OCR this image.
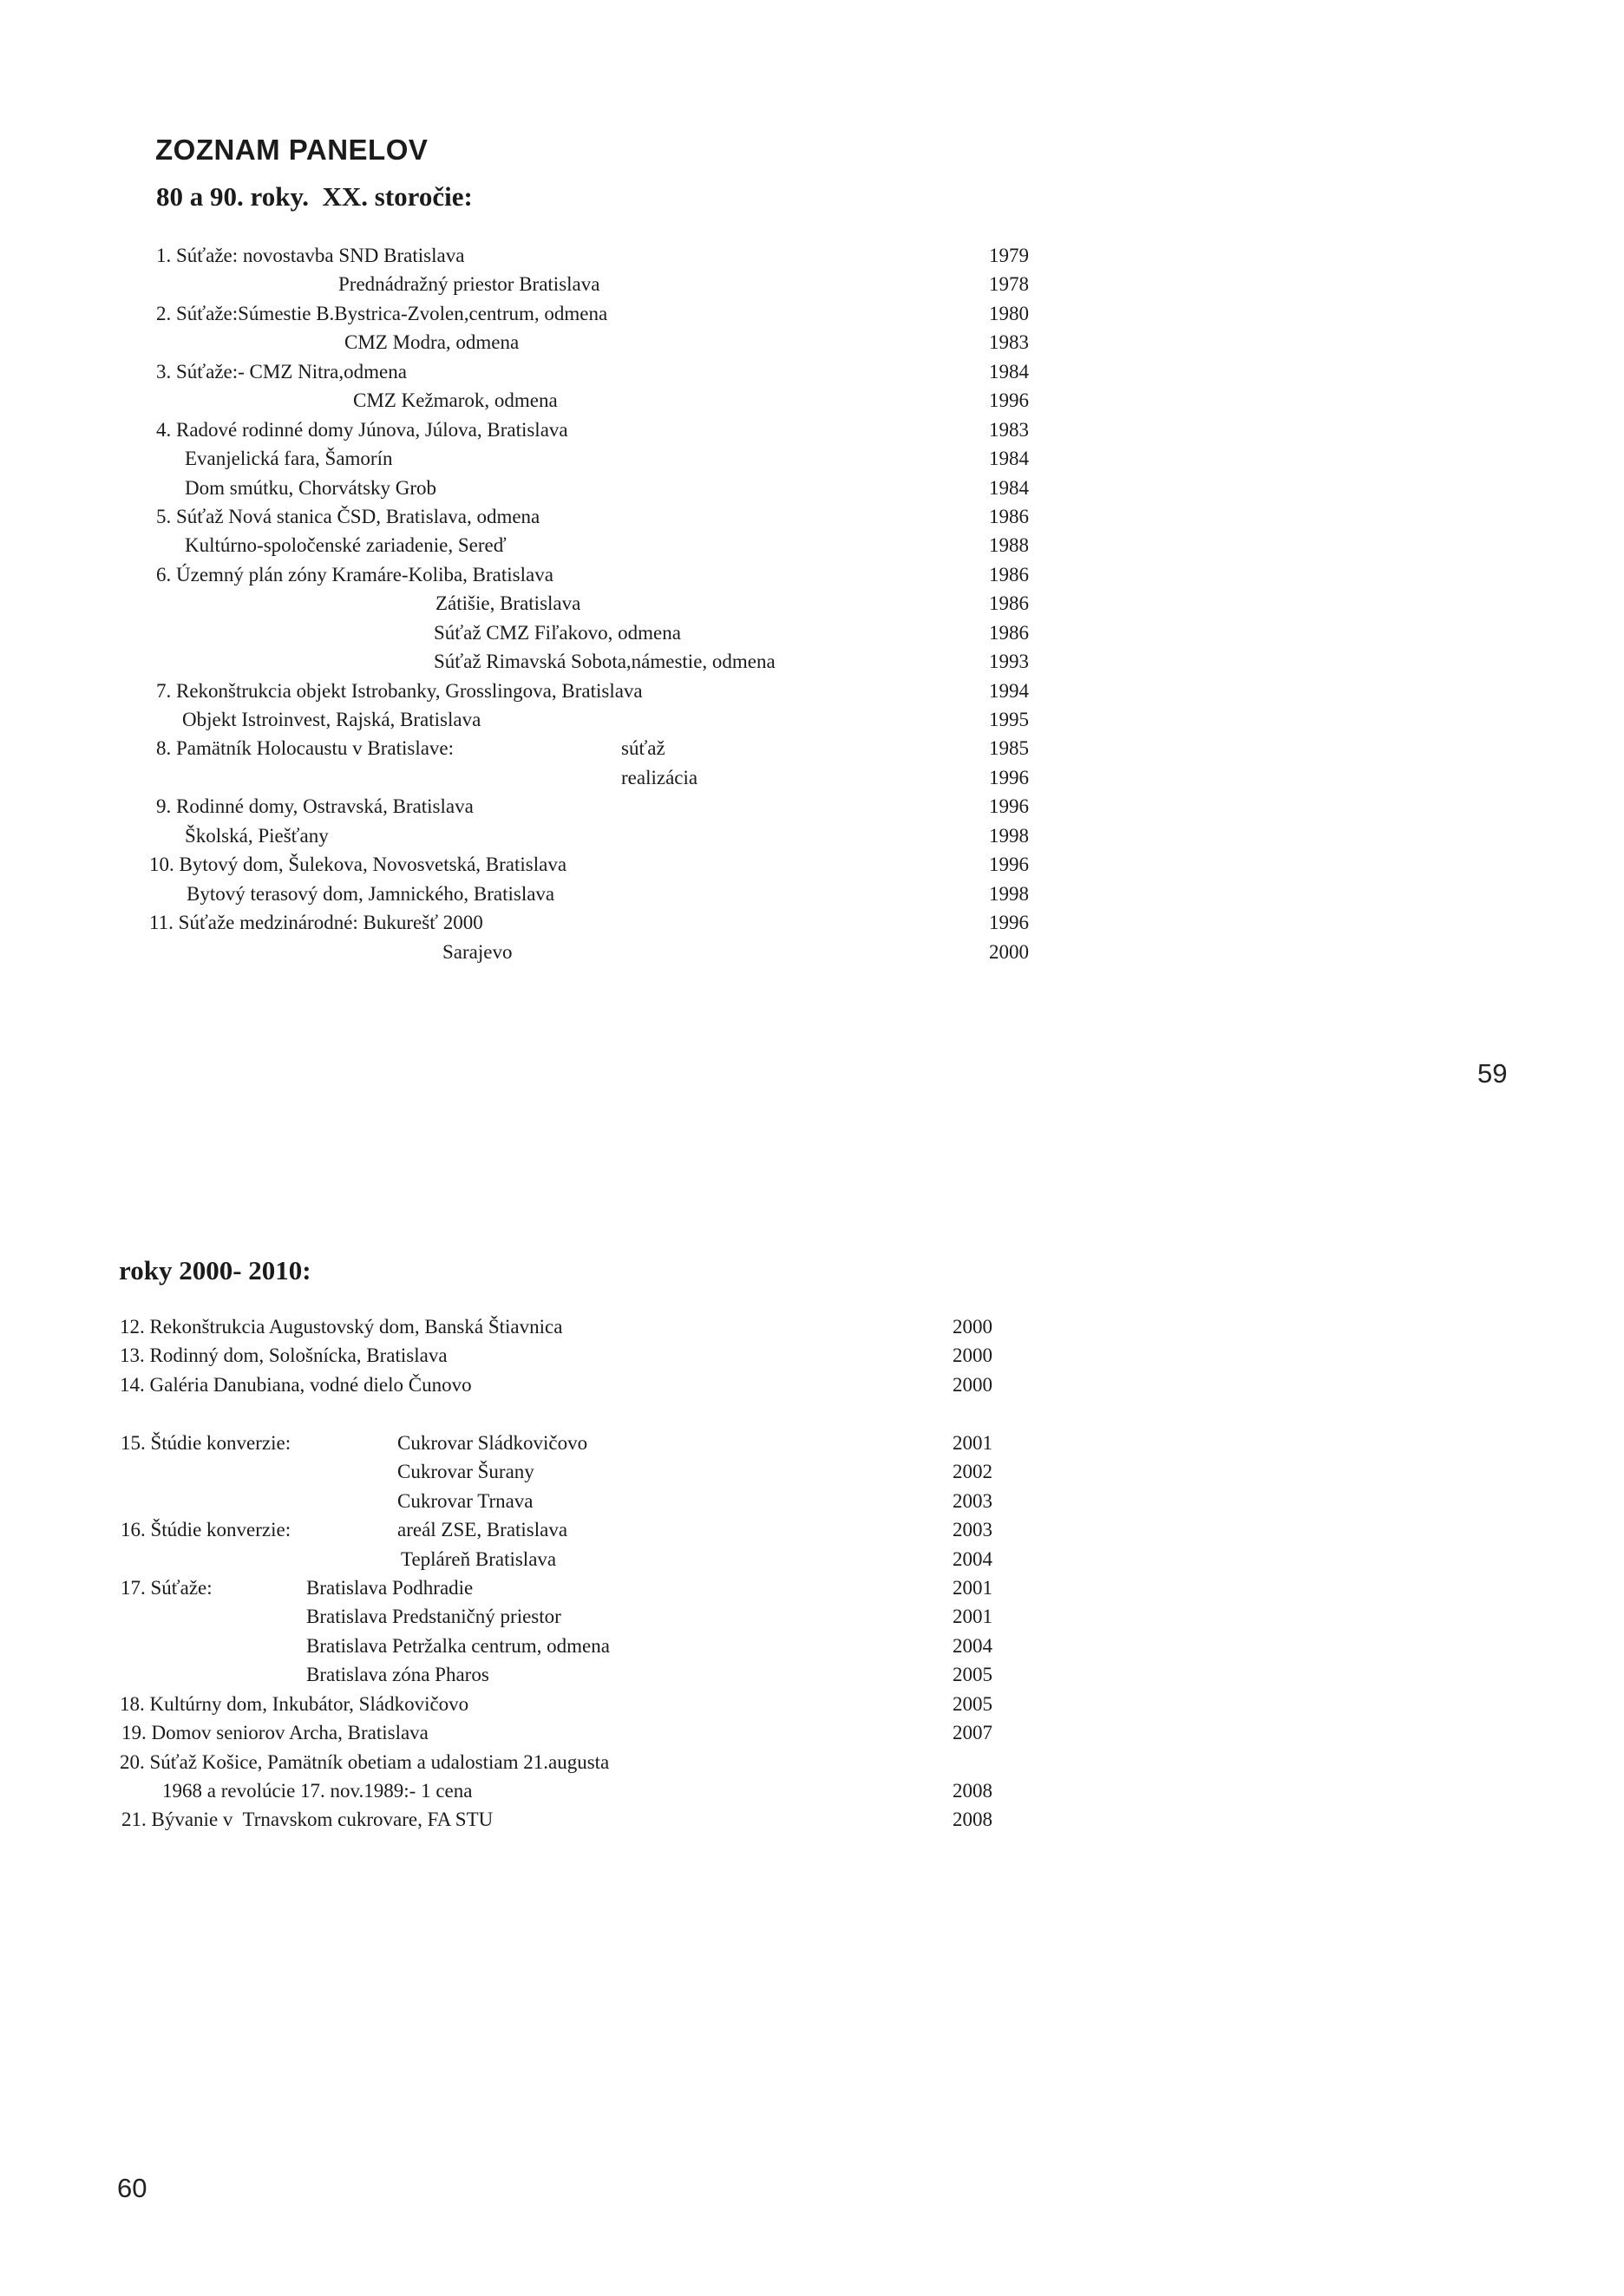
ZOZNAM PANELOV
80 a 90. roky.  XX. storočie:
1. Súťaže: novostavba SND Bratislava	1979
Prednádražný priestor Bratislava	1978
2. Súťaže:Súmestie B.Bystrica-Zvolen,centrum, odmena	1980
CMZ Modra, odmena	1983
3. Súťaže:- CMZ Nitra,odmena	1984
CMZ Kežmarok, odmena	1996
4. Radové rodinné domy Júnova, Júlova, Bratislava	1983
Evanjelická fara, Šamorín	1984
Dom smútku, Chorvátsky Grob	1984
5. Súťaž Nová stanica ČSD, Bratislava, odmena	1986
Kultúrno-spoločenské zariadenie, Sereď	1988
6. Územný plán zóny Kramáre-Koliba, Bratislava	1986
Zátišie, Bratislava	1986
Súťaž CMZ Fiľakovo, odmena	1986
Súťaž Rimavská Sobota,námestie, odmena	1993
7. Rekonštrukcia objekt Istrobanky, Grosslingova, Bratislava	1994
Objekt Istroinvest, Rajská, Bratislava	1995
8. Pamätník Holocaustu v Bratislave:	súťaž	1985
realizácia	1996
9. Rodinné domy, Ostravská, Bratislava	1996
Školská, Piešťany	1998
10. Bytový dom, Šulekova, Novosvetská, Bratislava	1996
Bytový terasový dom, Jamnického, Bratislava	1998
11. Súťaže medzinárodné: Bukurešť 2000	1996
Sarajevo	2000
59
roky 2000- 2010:
12. Rekonštrukcia Augustovský dom, Banská Štiavnica	2000
13. Rodinný dom, Sološnícka, Bratislava	2000
14. Galéria Danubiana, vodné dielo Čunovo	2000
15. Štúdie konverzie:	Cukrovar Sládkovičovo	2001
Cukrovar Šurany	2002
Cukrovar Trnava	2003
16. Štúdie konverzie:	areál ZSE, Bratislava	2003
Tepláreň Bratislava	2004
17. Súťaže:	Bratislava Podhradie	2001
Bratislava Predstaničný priestor	2001
Bratislava Petržalka centrum, odmena	2004
Bratislava zóna Pharos	2005
18. Kultúrny dom, Inkubátor, Sládkovičovo	2005
19. Domov seniorov Archa, Bratislava	2007
20. Súťaž Košice, Pamätník obetiam a udalostiam 21.augusta
1968 a revolúcie 17. nov.1989:- 1 cena	2008
21. Bývanie v  Trnavskom cukrovare, FA STU	2008
60
